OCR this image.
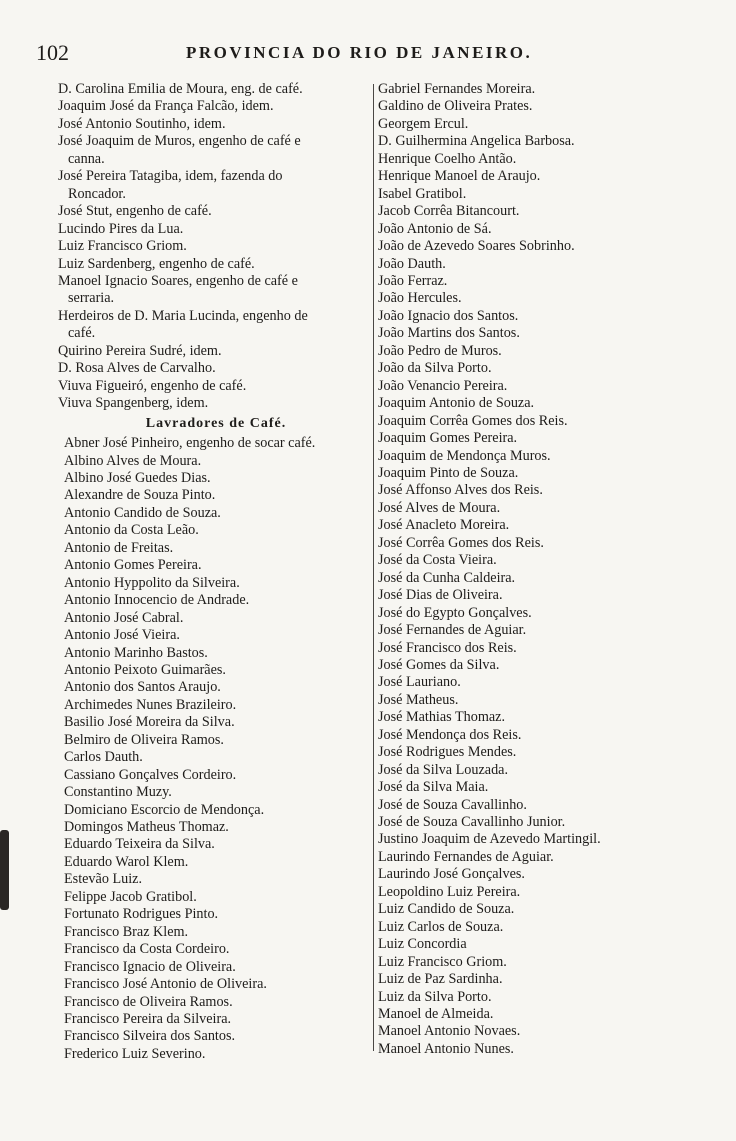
102	PROVINCIA DO RIO DE JANEIRO.
D. Carolina Emilia de Moura, eng. de café.
Joaquim José da França Falcão, idem.
José Antonio Soutinho, idem.
José Joaquim de Muros, engenho de café e
canna.
José Pereira Tatagiba, idem, fazenda do
Roncador.
José Stut, engenho de café.
Lucindo Pires da Lua.
Luiz Francisco Griom.
Luiz Sardenberg, engenho de café.
Manoel Ignacio Soares, engenho de café e
serraria.
Herdeiros de D. Maria Lucinda, engenho de
café.
Quirino Pereira Sudré, idem.
D. Rosa Alves de Carvalho.
Viuva Figueiró, engenho de café.
Viuva Spangenberg, idem.
Lavradores de Café.
Abner José Pinheiro, engenho de socar café.
Albino Alves de Moura.
Albino José Guedes Dias.
Alexandre de Souza Pinto.
Antonio Candido de Souza.
Antonio da Costa Leão.
Antonio de Freitas.
Antonio Gomes Pereira.
Antonio Hyppolito da Silveira.
Antonio Innocencio de Andrade.
Antonio José Cabral.
Antonio José Vieira.
Antonio Marinho Bastos.
Antonio Peixoto Guimarães.
Antonio dos Santos Araujo.
Archimedes Nunes Brazileiro.
Basilio José Moreira da Silva.
Belmiro de Oliveira Ramos.
Carlos Dauth.
Cassiano Gonçalves Cordeiro.
Constantino Muzy.
Domiciano Escorcio de Mendonça.
Domingos Matheus Thomaz.
Eduardo Teixeira da Silva.
Eduardo Warol Klem.
Estevão Luiz.
Felippe Jacob Gratibol.
Fortunato Rodrigues Pinto.
Francisco Braz Klem.
Francisco da Costa Cordeiro.
Francisco Ignacio de Oliveira.
Francisco José Antonio de Oliveira.
Francisco de Oliveira Ramos.
Francisco Pereira da Silveira.
Francisco Silveira dos Santos.
Frederico Luiz Severino.
Gabriel Fernandes Moreira.
Galdino de Oliveira Prates.
Georgem Ercul.
D. Guilhermina Angelica Barbosa.
Henrique Coelho Antão.
Henrique Manoel de Araujo.
Isabel Gratibol.
Jacob Corrêa Bitancourt.
João Antonio de Sá.
João de Azevedo Soares Sobrinho.
João Dauth.
João Ferraz.
João Hercules.
João Ignacio dos Santos.
João Martins dos Santos.
João Pedro de Muros.
João da Silva Porto.
João Venancio Pereira.
Joaquim Antonio de Souza.
Joaquim Corrêa Gomes dos Reis.
Joaquim Gomes Pereira.
Joaquim de Mendonça Muros.
Joaquim Pinto de Souza.
José Affonso Alves dos Reis.
José Alves de Moura.
José Anacleto Moreira.
José Corrêa Gomes dos Reis.
José da Costa Vieira.
José da Cunha Caldeira.
José Dias de Oliveira.
José do Egypto Gonçalves.
José Fernandes de Aguiar.
José Francisco dos Reis.
José Gomes da Silva.
José Lauriano.
José Matheus.
José Mathias Thomaz.
José Mendonça dos Reis.
José Rodrigues Mendes.
José da Silva Louzada.
José da Silva Maia.
José de Souza Cavallinho.
José de Souza Cavallinho Junior.
Justino Joaquim de Azevedo Martingil.
Laurindo Fernandes de Aguiar.
Laurindo José Gonçalves.
Leopoldino Luiz Pereira.
Luiz Candido de Souza.
Luiz Carlos de Souza.
Luiz Concordia
Luiz Francisco Griom.
Luiz de Paz Sardinha.
Luiz da Silva Porto.
Manoel de Almeida.
Manoel Antonio Novaes.
Manoel Antonio Nunes.
